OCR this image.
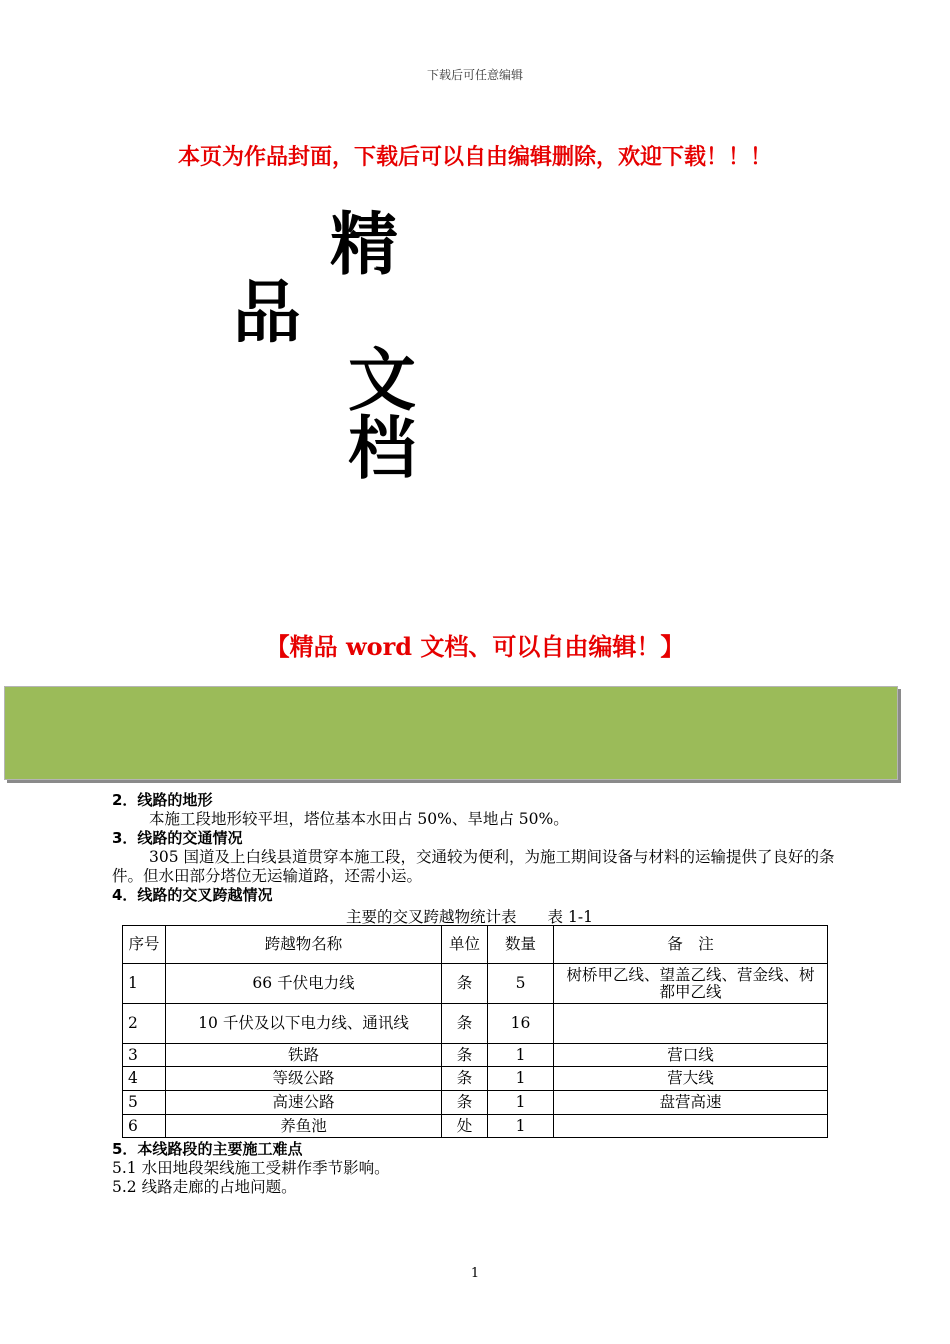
下载后可任意编辑
本页为作品封面，下载后可以自由编辑删除，欢迎下载！！！
精
品
文
档
【精品 word 文档、可以自由编辑！】
2．线路的地形
本施工段地形较平坦，塔位基本水田占 50%、旱地占 50%。
3．线路的交通情况
305 国道及上白线县道贯穿本施工段，交通较为便利，为施工期间设备与材料的运输提供了良好的条件。但水田部分塔位无运输道路，还需小运。
4．线路的交叉跨越情况
主要的交叉跨越物统计表　　表 1-1
序号	跨越物名称	单位	数量	备　注
1	66 千伏电力线	条	5	树桥甲乙线、望盖乙线、营金线、树都甲乙线
2	10 千伏及以下电力线、通讯线	条	16	
3	铁路	条	1	营口线
4	等级公路	条	1	营大线
5	高速公路	条	1	盘营高速
6	养鱼池	处	1	
5．本线路段的主要施工难点
5.1 水田地段架线施工受耕作季节影响。
5.2 线路走廊的占地问题。
1
